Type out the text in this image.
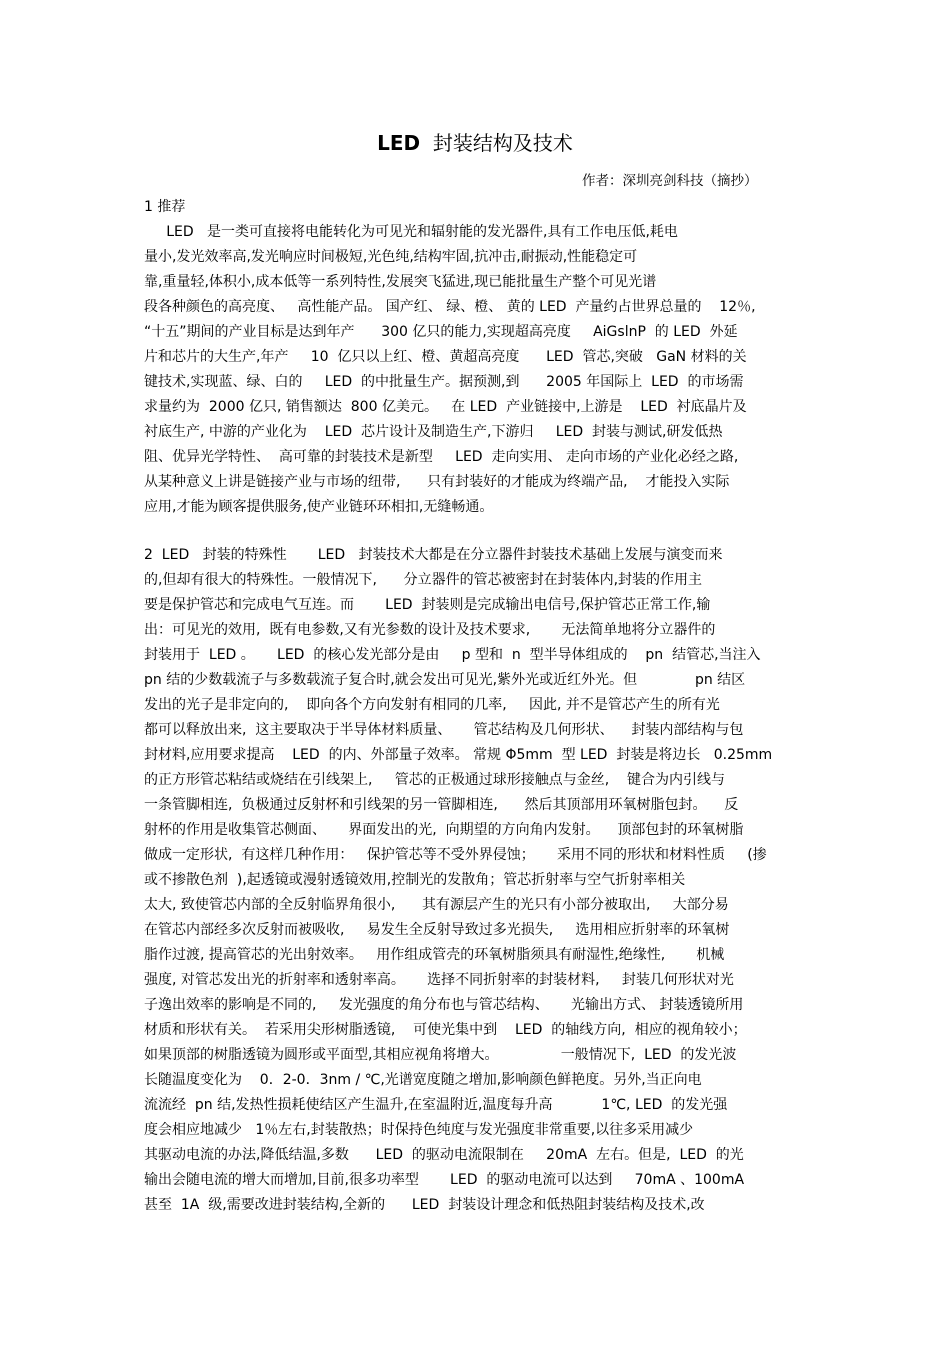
LED 封装结构及技术
作者：深圳亮剑科技（摘抄）
1 推荐
LED   是一类可直接将电能转化为可见光和辐射能的发光器件,具有工作电压低,耗电
量小,发光效率高,发光响应时间极短,光色纯,结构牢固,抗冲击,耐振动,性能稳定可
靠,重量轻,体积小,成本低等一系列特性,发展突飞猛进,现已能批量生产整个可见光谱
段各种颜色的高亮度、   高性能产品。 国产红、 绿、橙、 黄的 LED  产量约占世界总量的    12％,
“十五”期间的产业目标是达到年产      300 亿只的能力,实现超高亮度     AiGslnP  的 LED  外延
片和芯片的大生产,年产     10  亿只以上红、橙、黄超高亮度      LED  管芯,突破   GaN 材料的关
键技术,实现蓝、绿、白的     LED  的中批量生产。据预测,到      2005 年国际上  LED  的市场需
求量约为  2000 亿只, 销售额达  800 亿美元。   在 LED  产业链接中,上游是    LED  衬底晶片及
衬底生产, 中游的产业化为    LED  芯片设计及制造生产,下游归     LED  封装与测试,研发低热
阻、优异光学特性、  高可靠的封装技术是新型     LED  走向实用、 走向市场的产业化必经之路,
从某种意义上讲是链接产业与市场的纽带,      只有封装好的才能成为终端产品,    才能投入实际
应用,才能为顾客提供服务,使产业链环环相扣,无缝畅通。
2  LED   封装的特殊性       LED   封装技术大都是在分立器件封装技术基础上发展与演变而来
的,但却有很大的特殊性。一般情况下,      分立器件的管芯被密封在封装体内,封装的作用主
要是保护管芯和完成电气互连。而       LED  封装则是完成输出电信号,保护管芯正常工作,输
出：可见光的效用,  既有电参数,又有光参数的设计及技术要求,       无法简单地将分立器件的
封装用于  LED 。     LED  的核心发光部分是由     p 型和  n  型半导体组成的    pn  结管芯,当注入
pn 结的少数载流子与多数载流子复合时,就会发出可见光,紫外光或近红外光。但             pn 结区
发出的光子是非定向的,    即向各个方向发射有相同的几率,     因此, 并不是管芯产生的所有光
都可以释放出来,  这主要取决于半导体材料质量、     管芯结构及几何形状、    封装内部结构与包
封材料,应用要求提高    LED  的内、外部量子效率。 常规 Φ5mm  型 LED  封装是将边长   0.25mm
的正方形管芯粘结或烧结在引线架上,     管芯的正极通过球形接触点与金丝,    键合为内引线与
一条管脚相连,  负极通过反射杯和引线架的另一管脚相连,      然后其顶部用环氧树脂包封。    反
射杯的作用是收集管芯侧面、     界面发出的光,  向期望的方向角内发射。    顶部包封的环氧树脂
做成一定形状,  有这样几种作用：   保护管芯等不受外界侵蚀；     采用不同的形状和材料性质     (掺
或不掺散色剂  ),起透镜或漫射透镜效用,控制光的发散角；管芯折射率与空气折射率相关
太大, 致使管芯内部的全反射临界角很小,      其有源层产生的光只有小部分被取出,     大部分易
在管芯内部经多次反射而被吸收,     易发生全反射导致过多光损失,     选用相应折射率的环氧树
脂作过渡, 提高管芯的光出射效率。   用作组成管壳的环氧树脂须具有耐湿性,绝缘性,       机械
强度, 对管芯发出光的折射率和透射率高。     选择不同折射率的封装材料,     封装几何形状对光
子逸出效率的影响是不同的,     发光强度的角分布也与管芯结构、     光输出方式、 封装透镜所用
材质和形状有关。  若采用尖形树脂透镜,    可使光集中到    LED  的轴线方向,  相应的视角较小；
如果顶部的树脂透镜为圆形或平面型,其相应视角将增大。              一般情况下,  LED  的发光波
长随温度变化为    0．2-0．3nm / ℃,光谱宽度随之增加,影响颜色鲜艳度。另外,当正向电
流流经  pn 结,发热性损耗使结区产生温升,在室温附近,温度每升高           1℃, LED  的发光强
度会相应地减少   1％左右,封装散热；时保持色纯度与发光强度非常重要,以往多采用减少
其驱动电流的办法,降低结温,多数      LED  的驱动电流限制在     20mA  左右。但是,  LED  的光
输出会随电流的增大而增加,目前,很多功率型       LED  的驱动电流可以达到     70mA 、100mA
甚至  1A  级,需要改进封装结构,全新的      LED  封装设计理念和低热阻封装结构及技术,改
